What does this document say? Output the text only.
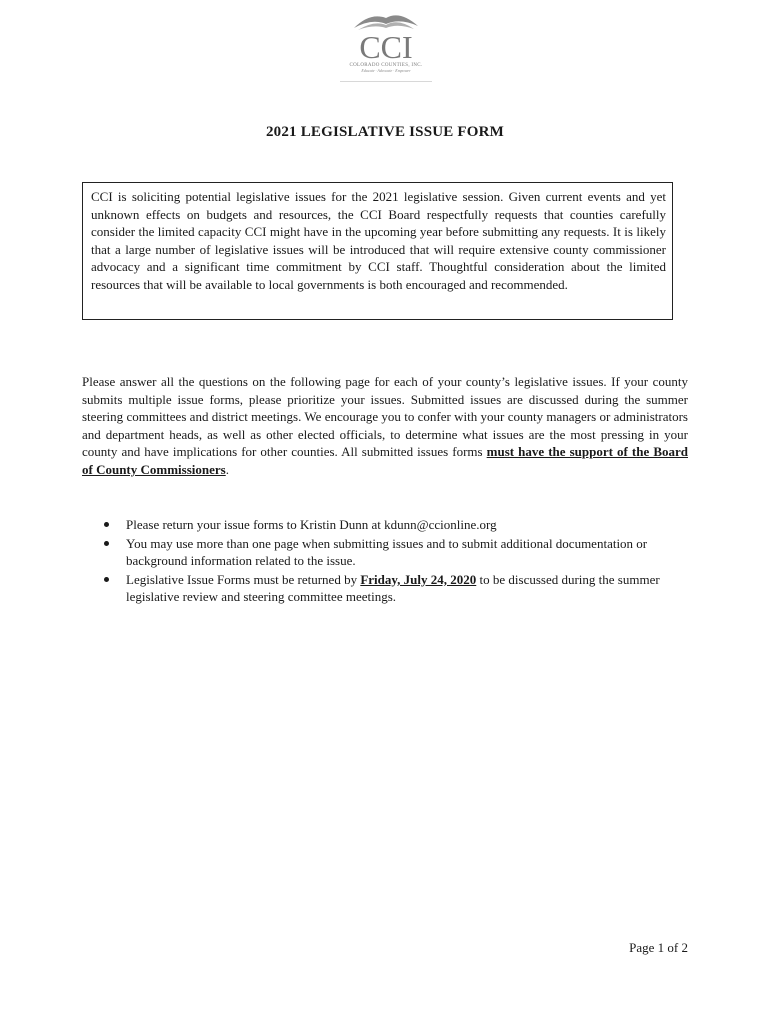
CCI
COLORADO COUNTIES, INC.
Educate · Advocate · Empower
2021 LEGISLATIVE ISSUE FORM
CCI is soliciting potential legislative issues for the 2021 legislative session. Given current events and yet unknown effects on budgets and resources, the CCI Board respectfully requests that counties carefully consider the limited capacity CCI might have in the upcoming year before submitting any requests. It is likely that a large number of legislative issues will be introduced that will require extensive county commissioner advocacy and a significant time commitment by CCI staff. Thoughtful consideration about the limited resources that will be available to local governments is both encouraged and recommended.
Please answer all the questions on the following page for each of your county’s legislative issues. If your county submits multiple issue forms, please prioritize your issues. Submitted issues are discussed during the summer steering committees and district meetings. We encourage you to confer with your county managers or administrators and department heads, as well as other elected officials, to determine what issues are the most pressing in your county and have implications for other counties. All submitted issues forms must have the support of the Board of County Commissioners.
Please return your issue forms to Kristin Dunn at kdunn@ccionline.org
You may use more than one page when submitting issues and to submit additional documentation or background information related to the issue.
Legislative Issue Forms must be returned by Friday, July 24, 2020 to be discussed during the summer legislative review and steering committee meetings.
Page 1 of 2
